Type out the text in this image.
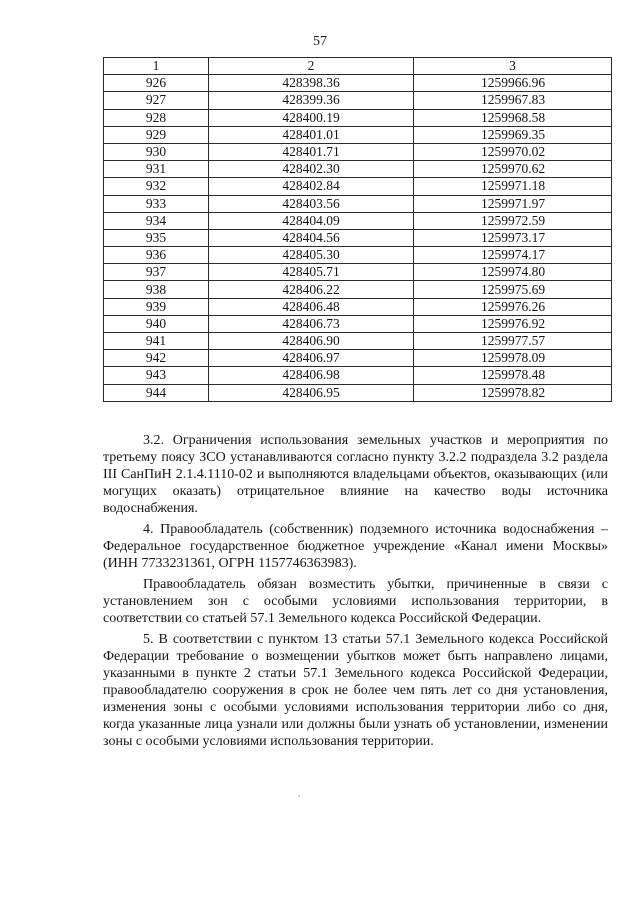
57
1	2	3
926	428398.36	1259966.96
927	428399.36	1259967.83
928	428400.19	1259968.58
929	428401.01	1259969.35
930	428401.71	1259970.02
931	428402.30	1259970.62
932	428402.84	1259971.18
933	428403.56	1259971.97
934	428404.09	1259972.59
935	428404.56	1259973.17
936	428405.30	1259974.17
937	428405.71	1259974.80
938	428406.22	1259975.69
939	428406.48	1259976.26
940	428406.73	1259976.92
941	428406.90	1259977.57
942	428406.97	1259978.09
943	428406.98	1259978.48
944	428406.95	1259978.82

3.2. Ограничения использования земельных участков и мероприятия по третьему поясу ЗСО устанавливаются согласно пункту 3.2.2 подраздела 3.2 раздела III СанПиН 2.1.4.1110-02 и выполняются владельцами объектов, оказывающих (или могущих оказать) отрицательное влияние на качество воды источника водоснабжения.

4. Правообладатель (собственник) подземного источника водоснабжения – Федеральное государственное бюджетное учреждение «Канал имени Москвы» (ИНН 7733231361, ОГРН 1157746363983).

Правообладатель обязан возместить убытки, причиненные в связи с установлением зон с особыми условиями использования территории, в соответствии со статьей 57.1 Земельного кодекса Российской Федерации.

5. В соответствии с пунктом 13 статьи 57.1 Земельного кодекса Российской Федерации требование о возмещении убытков может быть направлено лицами, указанными в пункте 2 статьи 57.1 Земельного кодекса Российской Федерации, правообладателю сооружения в срок не более чем пять лет со дня установления, изменения зоны с особыми условиями использования территории либо со дня, когда указанные лица узнали или должны были узнать об установлении, изменении зоны с особыми условиями использования территории.
